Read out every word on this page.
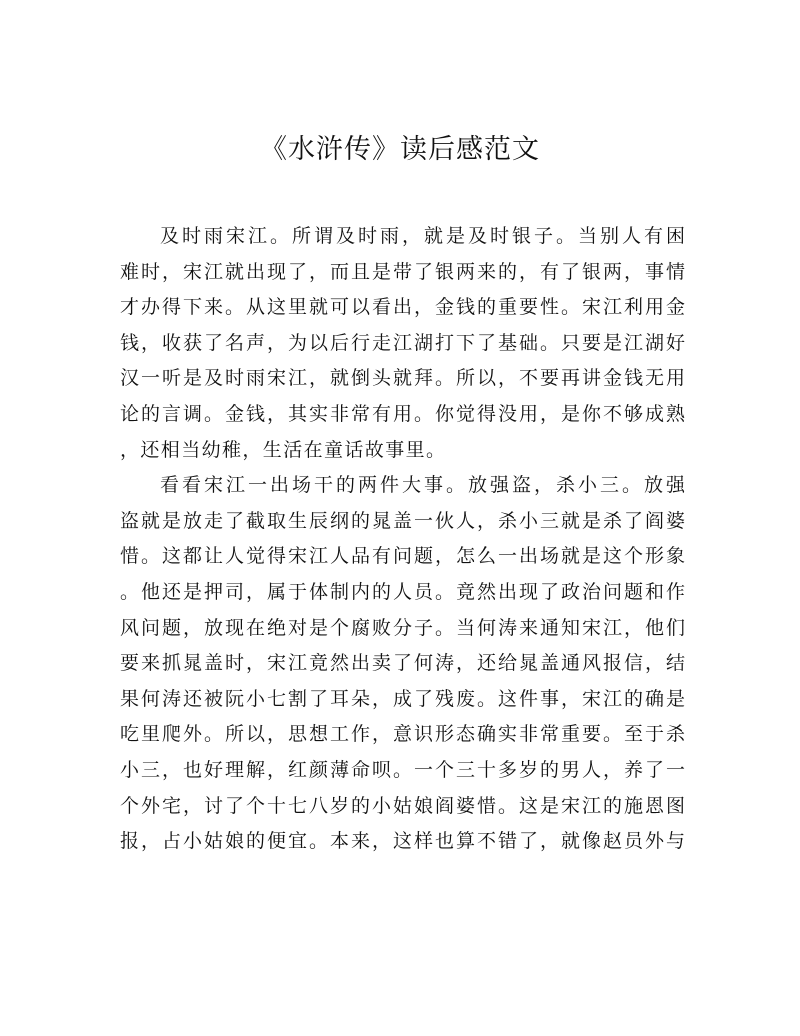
《水浒传》读后感范文
及时雨宋江。所谓及时雨，就是及时银子。当别人有困
难时，宋江就出现了，而且是带了银两来的，有了银两，事情
才办得下来。从这里就可以看出，金钱的重要性。宋江利用金
钱，收获了名声，为以后行走江湖打下了基础。只要是江湖好
汉一听是及时雨宋江，就倒头就拜。所以，不要再讲金钱无用
论的言调。金钱，其实非常有用。你觉得没用，是你不够成熟
，还相当幼稚，生活在童话故事里。
看看宋江一出场干的两件大事。放强盗，杀小三。放强
盗就是放走了截取生辰纲的晁盖一伙人，杀小三就是杀了阎婆
惜。这都让人觉得宋江人品有问题，怎么一出场就是这个形象
。他还是押司，属于体制内的人员。竟然出现了政治问题和作
风问题，放现在绝对是个腐败分子。当何涛来通知宋江，他们
要来抓晁盖时，宋江竟然出卖了何涛，还给晁盖通风报信，结
果何涛还被阮小七割了耳朵，成了残废。这件事，宋江的确是
吃里爬外。所以，思想工作，意识形态确实非常重要。至于杀
小三，也好理解，红颜薄命呗。一个三十多岁的男人，养了一
个外宅，讨了个十七八岁的小姑娘阎婆惜。这是宋江的施恩图
报，占小姑娘的便宜。本来，这样也算不错了，就像赵员外与
